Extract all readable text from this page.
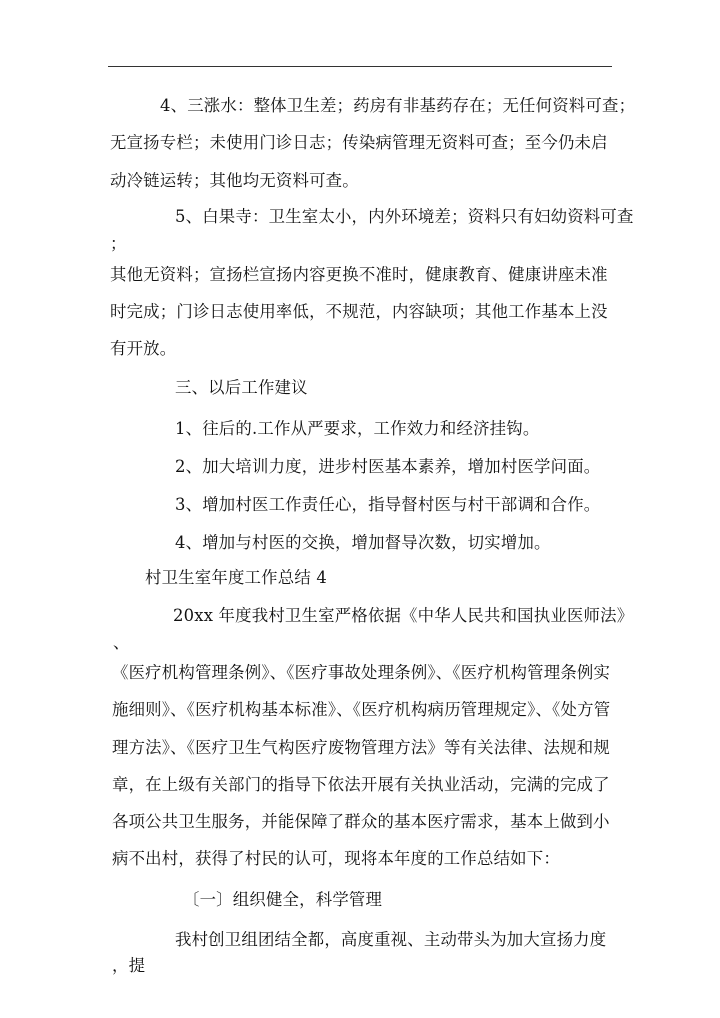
4、三涨水：整体卫生差；药房有非基药存在；无任何资料可查；
无宣扬专栏；未使用门诊日志；传染病管理无资料可查；至今仍未启
动冷链运转；其他均无资料可查。
5、白果寺：卫生室太小，内外环境差；资料只有妇幼资料可查
；
其他无资料；宣扬栏宣扬内容更换不准时，健康教育、健康讲座未准
时完成；门诊日志使用率低，不规范，内容缺项；其他工作基本上没
有开放。
三、以后工作建议
1、往后的.工作从严要求，工作效力和经济挂钩。
2、加大培训力度，进步村医基本素养，增加村医学问面。
3、增加村医工作责任心，指导督村医与村干部调和合作。
4、增加与村医的交换，增加督导次数，切实增加。
村卫生室年度工作总结 4
20xx 年度我村卫生室严格依据《中华人民共和国执业医师法》
、
《医疗机构管理条例》、《医疗事故处理条例》、《医疗机构管理条例实
施细则》、《医疗机构基本标准》、《医疗机构病历管理规定》、《处方管
理方法》、《医疗卫生气构医疗废物管理方法》等有关法律、法规和规
章，在上级有关部门的指导下依法开展有关执业活动，完满的完成了
各项公共卫生服务，并能保障了群众的基本医疗需求，基本上做到小
病不出村，获得了村民的认可，现将本年度的工作总结如下：
〔一〕组织健全，科学管理
我村创卫组团结全都，高度重视、主动带头为加大宣扬力度
，提
